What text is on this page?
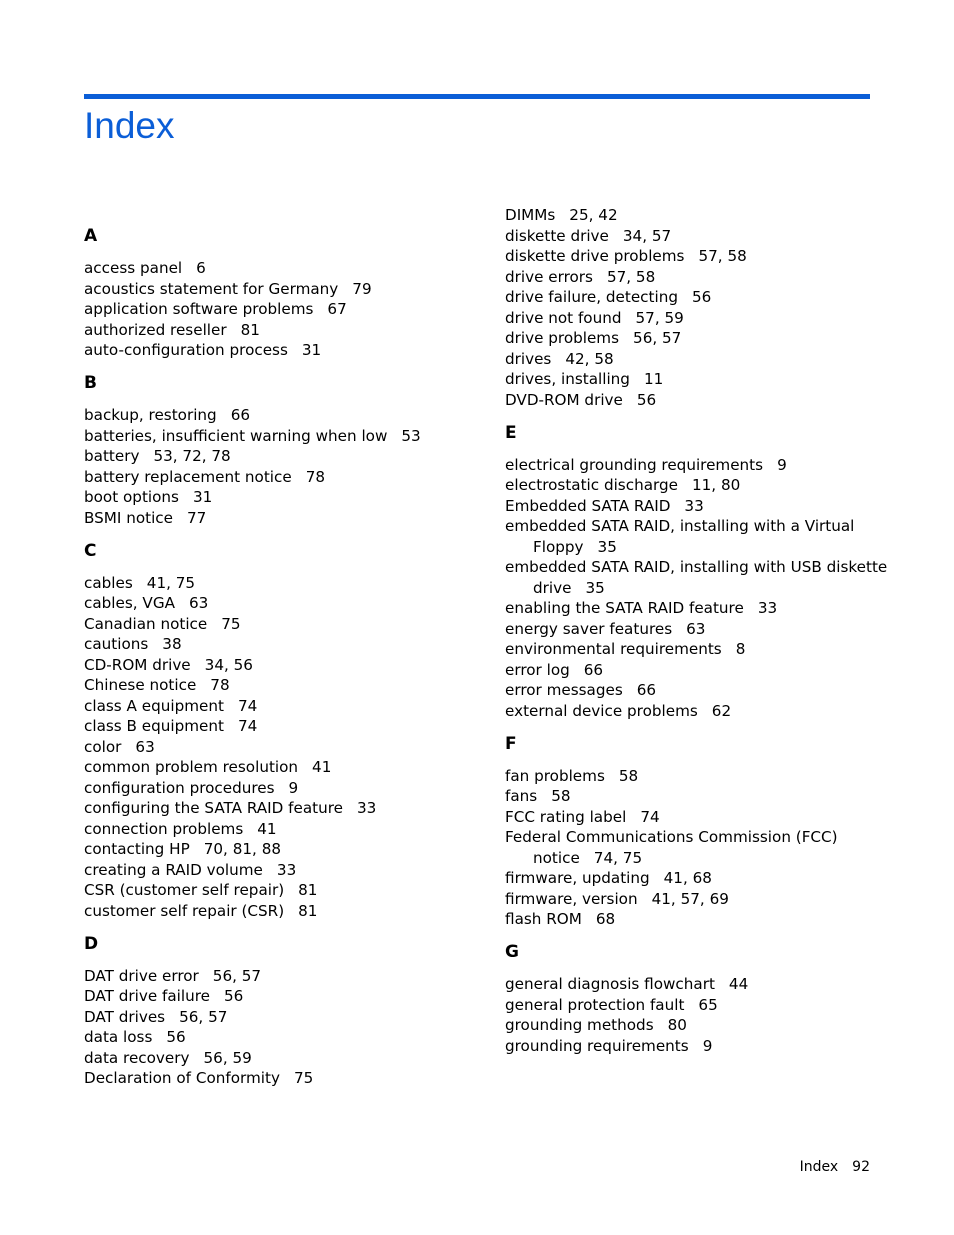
Index
A
access panel 6
acoustics statement for Germany 79
application software problems 67
authorized reseller 81
auto-configuration process 31
B
backup, restoring 66
batteries, insufficient warning when low 53
battery 53, 72, 78
battery replacement notice 78
boot options 31
BSMI notice 77
C
cables 41, 75
cables, VGA 63
Canadian notice 75
cautions 38
CD-ROM drive 34, 56
Chinese notice 78
class A equipment 74
class B equipment 74
color 63
common problem resolution 41
configuration procedures 9
configuring the SATA RAID feature 33
connection problems 41
contacting HP 70, 81, 88
creating a RAID volume 33
CSR (customer self repair) 81
customer self repair (CSR) 81
D
DAT drive error 56, 57
DAT drive failure 56
DAT drives 56, 57
data loss 56
data recovery 56, 59
Declaration of Conformity 75
DIMMs 25, 42
diskette drive 34, 57
diskette drive problems 57, 58
drive errors 57, 58
drive failure, detecting 56
drive not found 57, 59
drive problems 56, 57
drives 42, 58
drives, installing 11
DVD-ROM drive 56
E
electrical grounding requirements 9
electrostatic discharge 11, 80
Embedded SATA RAID 33
embedded SATA RAID, installing with a Virtual
Floppy 35
embedded SATA RAID, installing with USB diskette
drive 35
enabling the SATA RAID feature 33
energy saver features 63
environmental requirements 8
error log 66
error messages 66
external device problems 62
F
fan problems 58
fans 58
FCC rating label 74
Federal Communications Commission (FCC)
notice 74, 75
firmware, updating 41, 68
firmware, version 41, 57, 69
flash ROM 68
G
general diagnosis flowchart 44
general protection fault 65
grounding methods 80
grounding requirements 9
Index 92
